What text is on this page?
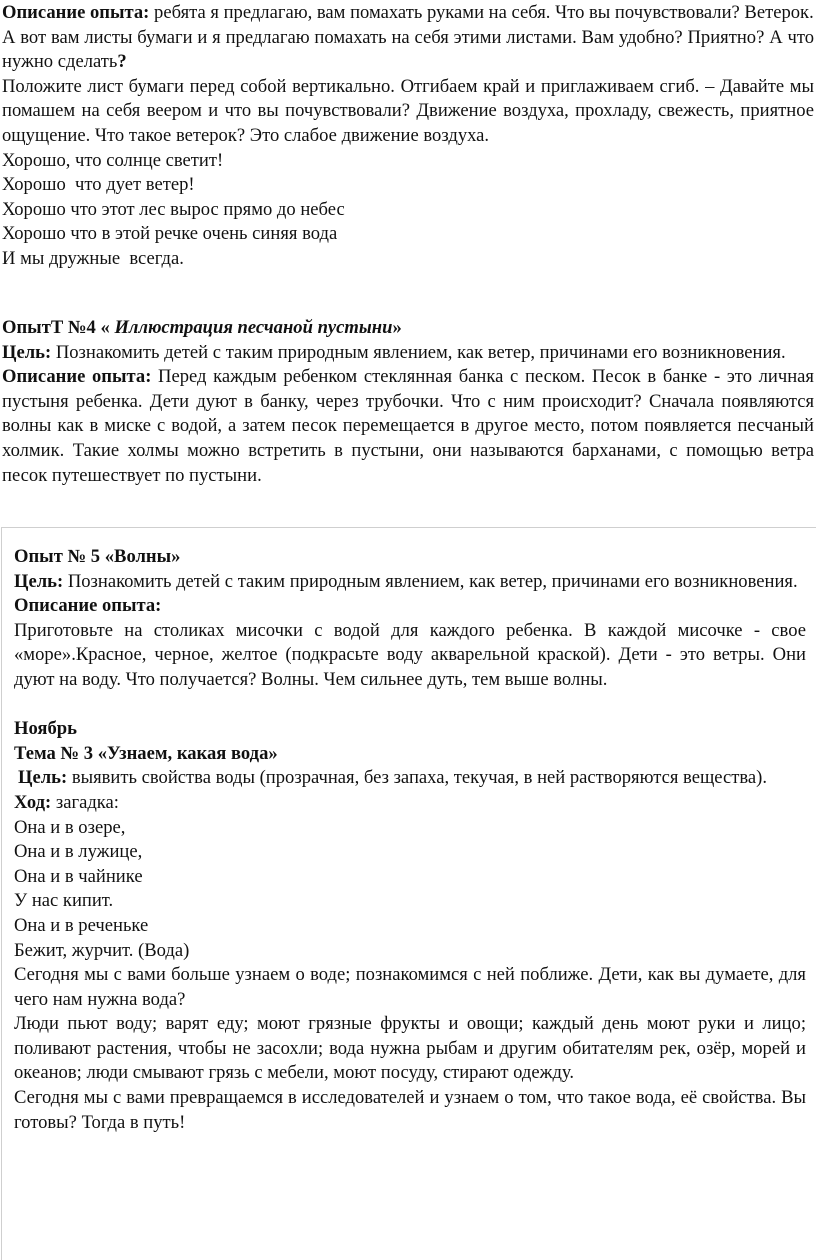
Описание опыта: ребята я предлагаю, вам помахать руками на себя. Что вы почувствовали? Ветерок.

А вот вам листы бумаги и я предлагаю помахать на себя этими листами. Вам удобно? Приятно? А что нужно сделать?

Положите лист бумаги перед собой вертикально. Отгибаем край и приглаживаем сгиб. – Давайте мы помашем на себя веером и что вы почувствовали? Движение воздуха, прохладу, свежесть, приятное ощущение. Что такое ветерок? Это слабое движение воздуха.

Хорошо, что солнце светит!

Хорошо  что дует ветер!

Хорошо что этот лес вырос прямо до небес

Хорошо что в этой речке очень синяя вода

И мы дружные  всегда.

ОпытТ №4 « Иллюстрация песчаной пустыни»

Цель: Познакомить детей с таким природным явлением, как ветер, причинами его возникновения.

Описание опыта: Перед каждым ребенком стеклянная банка с песком. Песок в банке - это личная пустыня ребенка. Дети дуют в банку, через трубочки. Что с ним происходит? Сначала появляются волны как в миске с водой, а затем песок перемещается в другое место, потом появляется песчаный холмик. Такие холмы можно встретить в пустыни, они называются барханами, с помощью ветра песок путешествует по пустыни.

Опыт № 5 «Волны»

Цель: Познакомить детей с таким природным явлением, как ветер, причинами его возникновения.

Описание опыта:

Приготовьте на столиках мисочки с водой для каждого ребенка. В каждой мисочке - свое «море».Красное, черное, желтое (подкрасьте воду акварельной краской). Дети - это ветры. Они дуют на воду. Что получается? Волны. Чем сильнее дуть, тем выше волны.

Ноябрь

Тема № 3 «Узнаем, какая вода»

Цель: выявить свойства воды (прозрачная, без запаха, текучая, в ней растворяются вещества).

Ход: загадка:

Она и в озере,

Она и в лужице,

Она и в чайнике

У нас кипит.

Она и в реченьке

Бежит, журчит. (Вода)

Сегодня мы с вами больше узнаем о воде; познакомимся с ней поближе. Дети, как вы думаете, для чего нам нужна вода?

Люди пьют воду; варят еду; моют грязные фрукты и овощи; каждый день моют руки и лицо; поливают растения, чтобы не засохли; вода нужна рыбам и другим обитателям рек, озёр, морей и океанов; люди смывают грязь с мебели, моют посуду, стирают одежду.

Сегодня мы с вами превращаемся в исследователей и узнаем о том, что такое вода, её свойства. Вы готовы? Тогда в путь!
